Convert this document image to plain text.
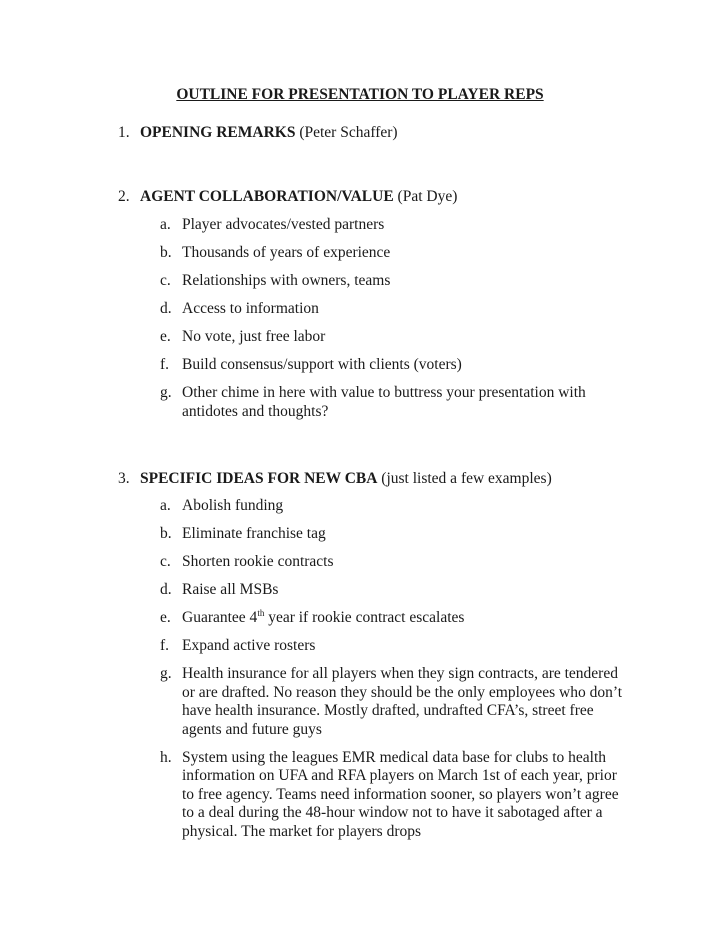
OUTLINE FOR PRESENTATION TO PLAYER REPS
1. OPENING REMARKS (Peter Schaffer)
2. AGENT COLLABORATION/VALUE (Pat Dye)
a. Player advocates/vested partners
b. Thousands of years of experience
c. Relationships with owners, teams
d. Access to information
e. No vote, just free labor
f. Build consensus/support with clients (voters)
g. Other chime in here with value to buttress your presentation with antidotes and thoughts?
3. SPECIFIC IDEAS FOR NEW CBA (just listed a few examples)
a. Abolish funding
b. Eliminate franchise tag
c. Shorten rookie contracts
d. Raise all MSBs
e. Guarantee 4th year if rookie contract escalates
f. Expand active rosters
g. Health insurance for all players when they sign contracts, are tendered or are drafted. No reason they should be the only employees who don’t have health insurance. Mostly drafted, undrafted CFA’s, street free agents and future guys
h. System using the leagues EMR medical data base for clubs to health information on UFA and RFA players on March 1st of each year, prior to free agency. Teams need information sooner, so players won’t agree to a deal during the 48-hour window not to have it sabotaged after a physical. The market for players drops
